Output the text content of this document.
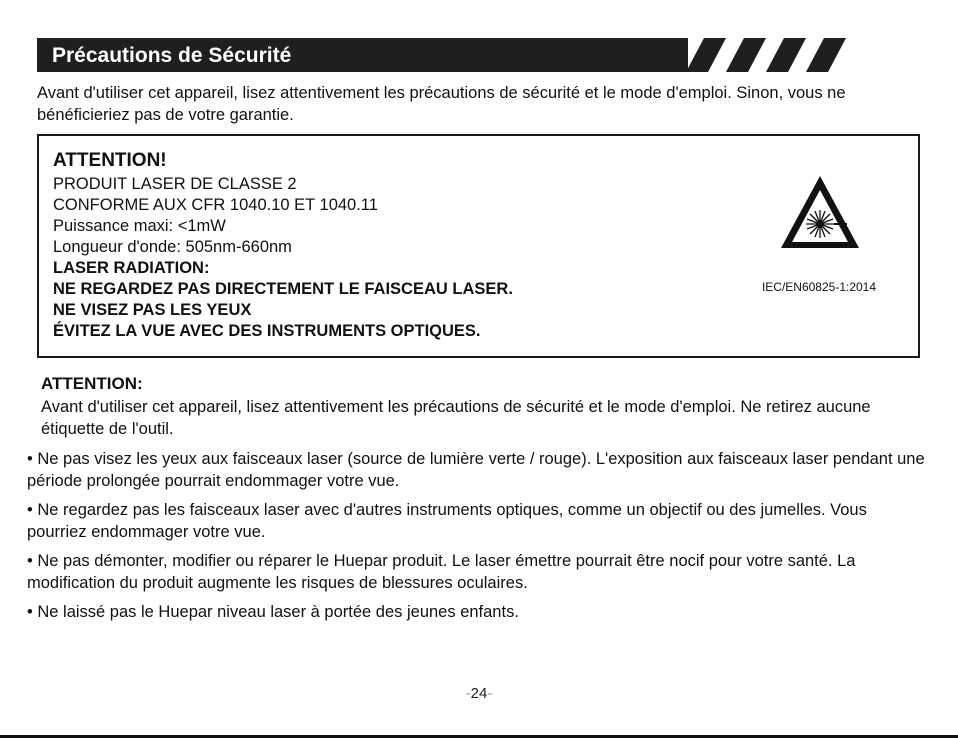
Précautions de Sécurité
Avant d'utiliser cet appareil, lisez attentivement les précautions de sécurité et le mode d'emploi. Sinon, vous ne bénéficieriez pas de votre garantie.
ATTENTION!
PRODUIT LASER DE CLASSE 2
CONFORME AUX CFR 1040.10 ET 1040.11
Puissance maxi: <1mW
Longueur d'onde: 505nm-660nm
LASER RADIATION:
NE REGARDEZ PAS DIRECTEMENT LE FAISCEAU LASER.
NE VISEZ PAS LES YEUX
ÉVITEZ LA VUE AVEC DES INSTRUMENTS OPTIQUES.
IEC/EN60825-1:2014
ATTENTION:
Avant d'utiliser cet appareil, lisez attentivement les précautions de sécurité et le mode d'emploi. Ne retirez aucune étiquette de l'outil.
• Ne pas visez les yeux aux faisceaux laser (source de lumière verte / rouge). L'exposition aux faisceaux laser pendant une période prolongée pourrait endommager votre vue.
• Ne regardez pas les faisceaux laser avec d'autres instruments optiques, comme un objectif ou des jumelles. Vous pourriez endommager votre vue.
• Ne pas démonter, modifier ou réparer le Huepar produit. Le laser émettre pourrait être nocif pour votre santé. La modification du produit augmente les risques de blessures oculaires.
• Ne laissé pas le Huepar niveau laser à portée des jeunes enfants.
-24-
